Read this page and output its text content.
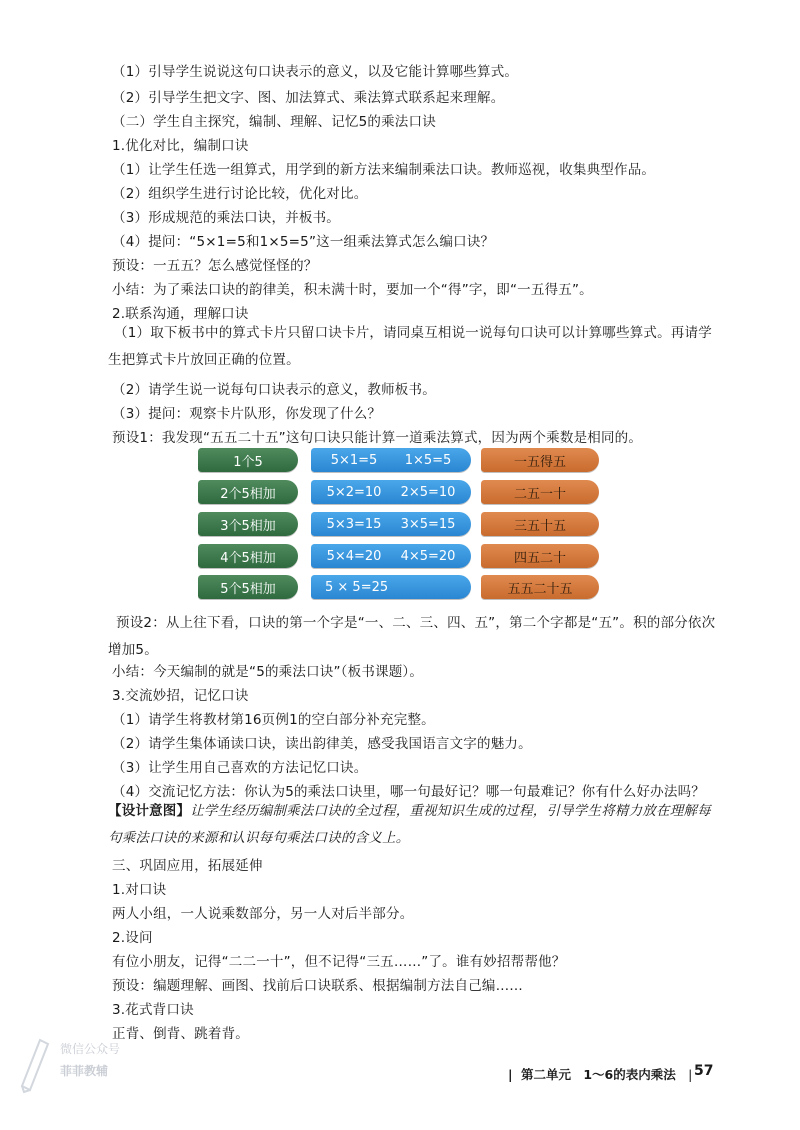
（1）引导学生说说这句口诀表示的意义，以及它能计算哪些算式。
（2）引导学生把文字、图、加法算式、乘法算式联系起来理解。
（二）学生自主探究，编制、理解、记忆5的乘法口诀
1.优化对比，编制口诀
（1）让学生任选一组算式，用学到的新方法来编制乘法口诀。教师巡视，收集典型作品。
（2）组织学生进行讨论比较，优化对比。
（3）形成规范的乘法口诀，并板书。
（4）提问：“5×1=5和1×5=5”这一组乘法算式怎么编口诀？
预设：一五五？怎么感觉怪怪的？
小结：为了乘法口诀的韵律美，积未满十时，要加一个“得”字，即“一五得五”。
2.联系沟通，理解口诀
（1）取下板书中的算式卡片只留口诀卡片，请同桌互相说一说每句口诀可以计算哪些算式。再请学生把算式卡片放回正确的位置。
（2）请学生说一说每句口诀表示的意义，教师板书。
（3）提问：观察卡片队形，你发现了什么？
预设1：我发现“五五二十五”这句口诀只能计算一道乘法算式，因为两个乘数是相同的。
1个5	5×1=5 1×5=5	一五得五
2个5相加	5×2=10 2×5=10	二五一十
3个5相加	5×3=15 3×5=15	三五十五
4个5相加	5×4=20 4×5=20	四五二十
5个5相加	5 × 5=25	五五二十五
预设2：从上往下看，口诀的第一个字是“一、二、三、四、五”，第二个字都是“五”。积的部分依次增加5。
小结：今天编制的就是“5的乘法口诀”（板书课题）。
3.交流妙招，记忆口诀
（1）请学生将教材第16页例1的空白部分补充完整。
（2）请学生集体诵读口诀，读出韵律美，感受我国语言文字的魅力。
（3）让学生用自己喜欢的方法记忆口诀。
（4）交流记忆方法：你认为5的乘法口诀里，哪一句最好记？哪一句最难记？你有什么好办法吗？
【设计意图】让学生经历编制乘法口诀的全过程，重视知识生成的过程，引导学生将精力放在理解每句乘法口诀的来源和认识每句乘法口诀的含义上。
三、巩固应用，拓展延伸
1.对口诀
两人小组，一人说乘数部分，另一人对后半部分。
2.设问
有位小朋友，记得“二二一十”，但不记得“三五……”了。谁有妙招帮帮他？
预设：编题理解、画图、找前后口诀联系、根据编制方法自己编……
3.花式背口诀
正背、倒背、跳着背。
微信公众号
菲菲教辅	| 第二单元 1～6的表内乘法 | 57
